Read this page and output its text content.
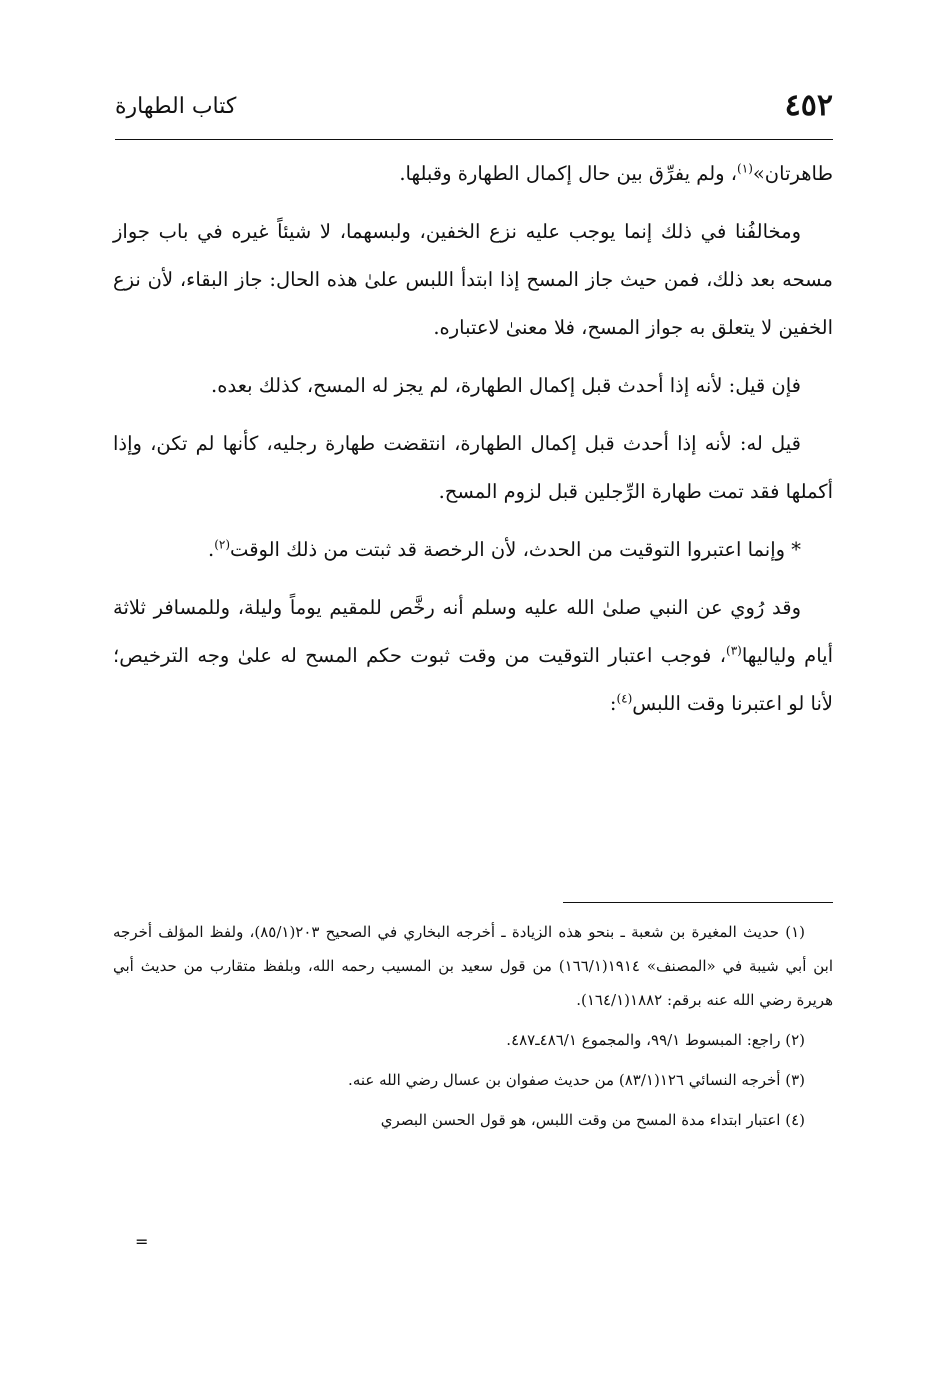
٤٥٢
كتاب الطهارة

طاهرتان»$^{(١)}$، ولم يفرِّق بين حال إكمال الطهارة وقبلها.

ومخالفُنا في ذلك إنما يوجب عليه نزع الخفين، ولبسهما، لا شيئاً غيره في باب جواز مسحه بعد ذلك، فمن حيث جاز المسح إذا ابتدأ اللبس علىٰ هذه الحال: جاز البقاء، لأن نزع الخفين لا يتعلق به جواز المسح، فلا معنىٰ لاعتباره.

فإن قيل: لأنه إذا أحدث قبل إكمال الطهارة، لم يجز له المسح، كذلك بعده.

قيل له: لأنه إذا أحدث قبل إكمال الطهارة، انتقضت طهارة رجليه، كأنها لم تكن، وإذا أكملها فقد تمت طهارة الرِّجلين قبل لزوم المسح.

* وإنما اعتبروا التوقيت من الحدث، لأن الرخصة قد ثبتت من ذلك الوقت$^{(٢)}$.

وقد رُوي عن النبي صلىٰ الله عليه وسلم أنه رخَّص للمقيم يوماً وليلة، وللمسافر ثلاثة أيام ولياليها$^{(٣)}$، فوجب اعتبار التوقيت من وقت ثبوت حكم المسح له علىٰ وجه الترخيص؛ لأنا لو اعتبرنا وقت اللبس$^{(٤)}$:

(١) حديث المغيرة بن شعبة ـ بنحو هذه الزيادة ـ أخرجه البخاري في الصحيح ٢٠٣(٨٥/١)، ولفظ المؤلف أخرجه ابن أبي شيبة في «المصنف» ١٩١٤(١٦٦/١) من قول سعيد بن المسيب رحمه الله، وبلفظ متقارب من حديث أبي هريرة رضي الله عنه برقم: ١٨٨٢(١٦٤/١).

(٢) راجع: المبسوط ٩٩/١، والمجموع ٤٨٦/١ـ٤٨٧.

(٣) أخرجه النسائي ١٢٦(٨٣/١) من حديث صفوان بن عسال رضي الله عنه.

(٤) اعتبار ابتداء مدة المسح من وقت اللبس، هو قول الحسن البصري

=
